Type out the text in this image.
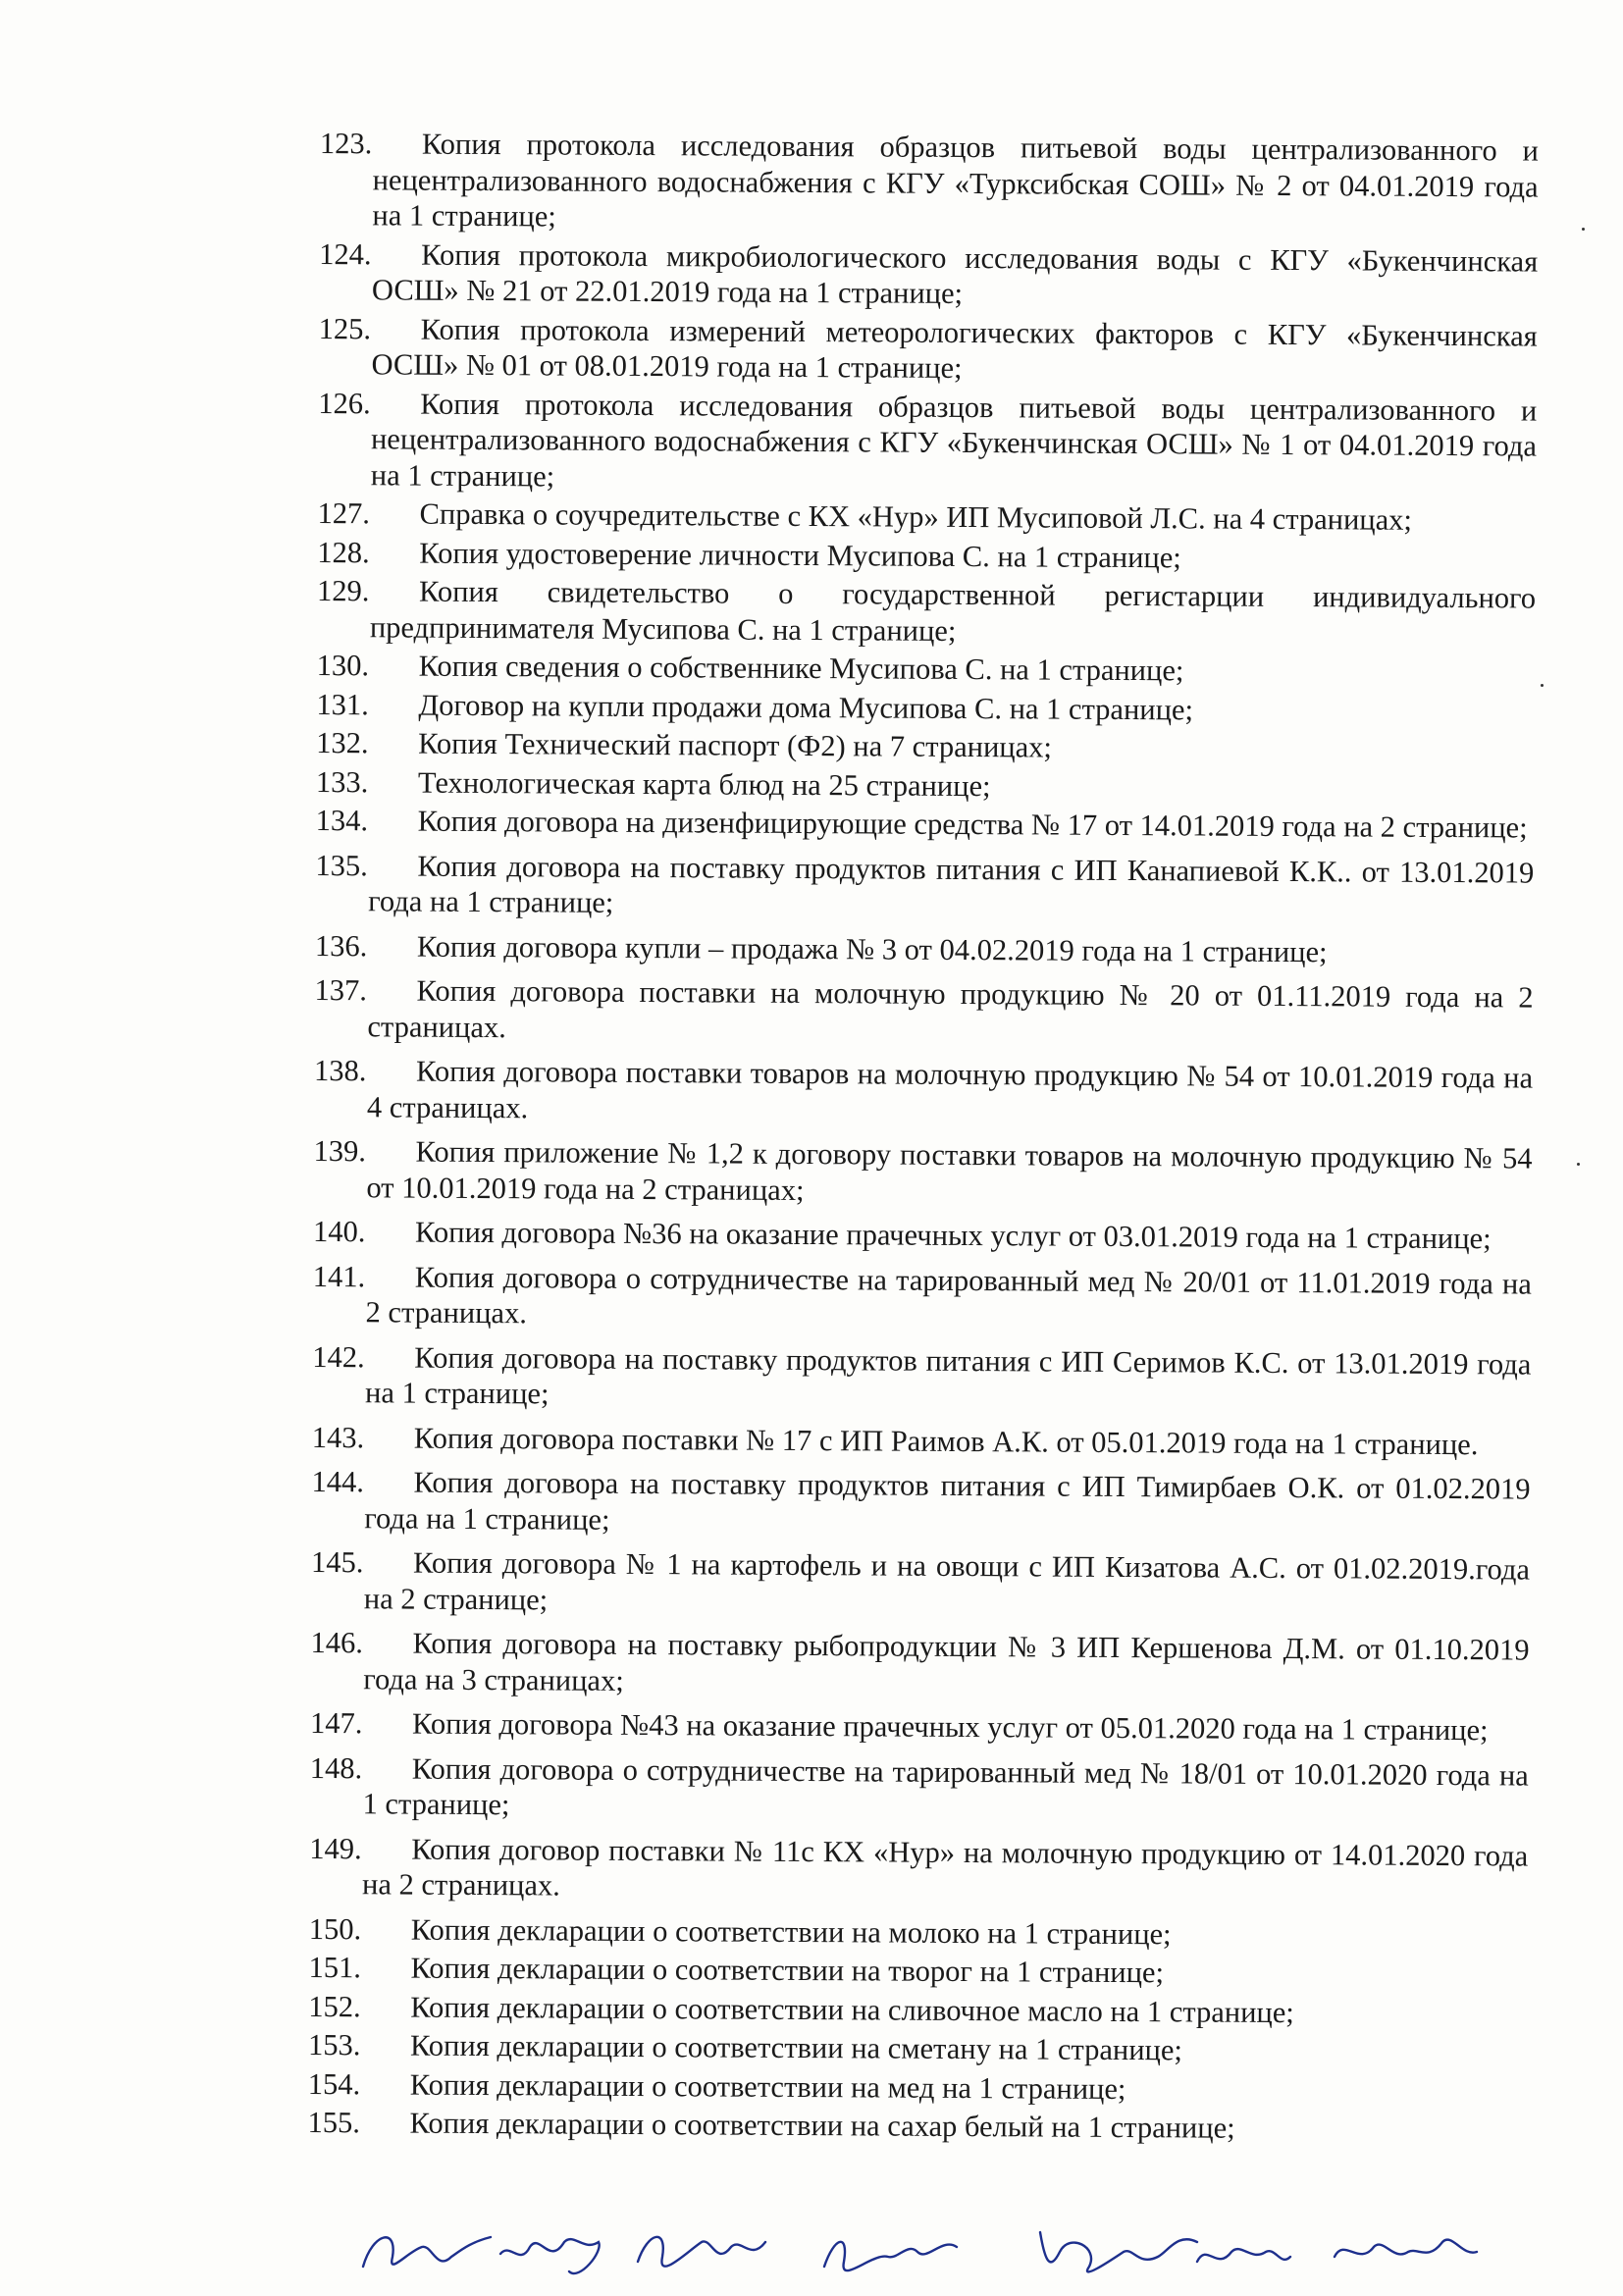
123.	Копия протокола исследования образцов питьевой воды централизованного и нецентрализованного водоснабжения с КГУ «Турксибская СОШ» № 2 от 04.01.2019 года на 1 странице;
124.	Копия протокола микробиологического исследования воды с КГУ «Букенчинская ОСШ» № 21 от 22.01.2019 года на 1 странице;
125.	Копия протокола измерений метеорологических факторов с КГУ «Букенчинская ОСШ» № 01 от 08.01.2019 года на 1 странице;
126.	Копия протокола исследования образцов питьевой воды централизованного и нецентрализованного водоснабжения с КГУ «Букенчинская ОСШ» № 1 от 04.01.2019 года на 1 странице;
127.	Справка о соучредительстве с КХ «Нур» ИП Мусиповой Л.С. на 4 страницах;
128.	Копия удостоверение личности Мусипова С. на 1 странице;
129.	Копия свидетельство о государственной регистарции индивидуального предпринимателя Мусипова С. на 1 странице;
130.	Копия сведения о собственнике Мусипова С. на 1 странице;
131.	Договор на купли продажи дома Мусипова С. на 1 странице;
132.	Копия Технический паспорт (Ф2) на 7 страницах;
133.	Технологическая карта блюд на 25 странице;
134.	Копия договора на дизенфицирующие средства № 17 от 14.01.2019 года на 2 странице;
135.	Копия договора на поставку продуктов питания с ИП Канапиевой К.К.. от 13.01.2019 года на 1 странице;
136.	Копия договора купли – продажа № 3 от 04.02.2019 года на 1 странице;
137.	Копия договора поставки на молочную продукцию № 20 от 01.11.2019 года на 2 страницах.
138.	Копия договора поставки товаров на молочную продукцию № 54 от 10.01.2019 года на 4 страницах.
139.	Копия приложение № 1,2 к договору поставки товаров на молочную продукцию № 54 от 10.01.2019 года на 2 страницах;
140.	Копия договора №36 на оказание прачечных услуг от 03.01.2019 года на 1 странице;
141.	Копия договора о сотрудничестве на тарированный мед № 20/01 от 11.01.2019 года на 2 страницах.
142.	Копия договора на поставку продуктов питания с ИП Серимов К.С. от 13.01.2019 года на 1 странице;
143.	Копия договора поставки № 17 с ИП Раимов А.К. от 05.01.2019 года на 1 странице.
144.	Копия договора на поставку продуктов питания с ИП Тимирбаев О.К. от 01.02.2019 года на 1 странице;
145.	Копия договора № 1 на картофель и на овощи с ИП Кизатова А.С. от 01.02.2019.года на 2 странице;
146.	Копия договора на поставку рыбопродукции № 3 ИП Кершенова Д.М. от 01.10.2019 года на 3 страницах;
147.	Копия договора №43 на оказание прачечных услуг от 05.01.2020 года на 1 странице;
148.	Копия договора о сотрудничестве на тарированный мед № 18/01 от 10.01.2020 года на 1 странице;
149.	Копия договор поставки № 11с КХ «Нур» на молочную продукцию от 14.01.2020 года на 2 страницах.
150.	Копия декларации о соответствии на молоко на 1 странице;
151.	Копия декларации о соответствии на творог на 1 странице;
152.	Копия декларации о соответствии на сливочное масло на 1 странице;
153.	Копия декларации о соответствии на сметану на 1 странице;
154.	Копия декларации о соответствии на мед на 1 странице;
155.	Копия декларации о соответствии на сахар белый на 1 странице;
